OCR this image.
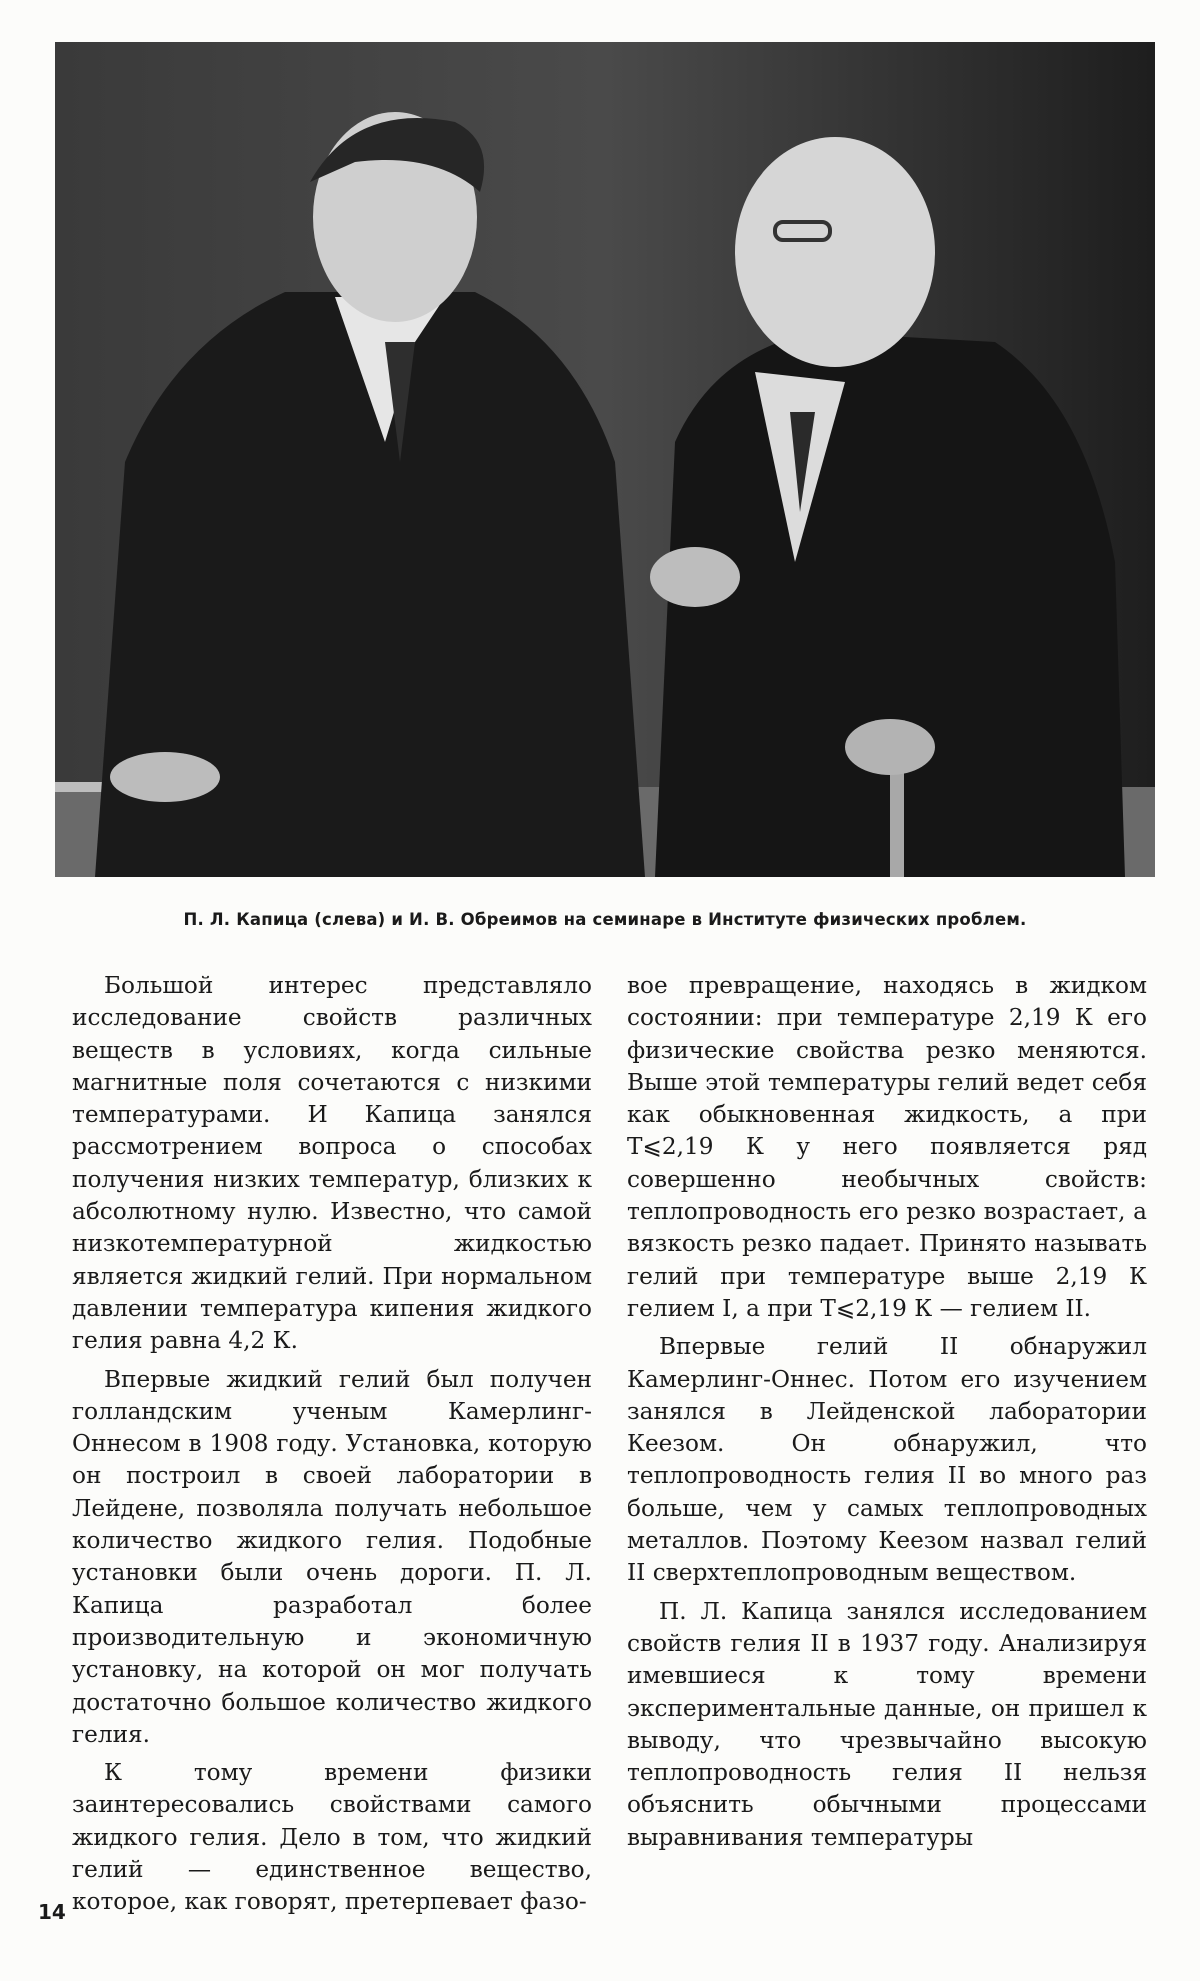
П. Л. Капица (слева) и И. В. Обреимов на семинаре в Институте физических проблем.

Большой интерес представляло исследование свойств различных веществ в условиях, когда сильные магнитные поля сочетаются с низкими температурами. И Капица занялся рассмотрением вопроса о способах получения низких температур, близких к абсолютному нулю. Известно, что самой низкотемпературной жидкостью является жидкий гелий. При нормальном давлении температура кипения жидкого гелия равна 4,2 К.

Впервые жидкий гелий был получен голландским ученым Камерлинг-Оннесом в 1908 году. Установка, которую он построил в своей лаборатории в Лейдене, позволяла получать небольшое количество жидкого гелия. Подобные установки были очень дороги. П. Л. Капица разработал более производительную и экономичную установку, на которой он мог получать достаточно большое количество жидкого гелия.

К тому времени физики заинтересовались свойствами самого жидкого гелия. Дело в том, что жидкий гелий — единственное вещество, которое, как говорят, претерпевает фазо-

вое превращение, находясь в жидком состоянии: при температуре 2,19 К его физические свойства резко меняются. Выше этой температуры гелий ведет себя как обыкновенная жидкость, а при T⩽2,19 К у него появляется ряд совершенно необычных свойств: теплопроводность его резко возрастает, а вязкость резко падает. Принято называть гелий при температуре выше 2,19 К гелием I, а при T⩽2,19 К — гелием II.

Впервые гелий II обнаружил Камерлинг-Оннес. Потом его изучением занялся в Лейденской лаборатории Кеезом. Он обнаружил, что теплопроводность гелия II во много раз больше, чем у самых теплопроводных металлов. Поэтому Кеезом назвал гелий II сверхтеплопроводным веществом.

П. Л. Капица занялся исследованием свойств гелия II в 1937 году. Анализируя имевшиеся к тому времени экспериментальные данные, он пришел к выводу, что чрезвычайно высокую теплопроводность гелия II нельзя объяснить обычными процессами выравнивания температуры

14
